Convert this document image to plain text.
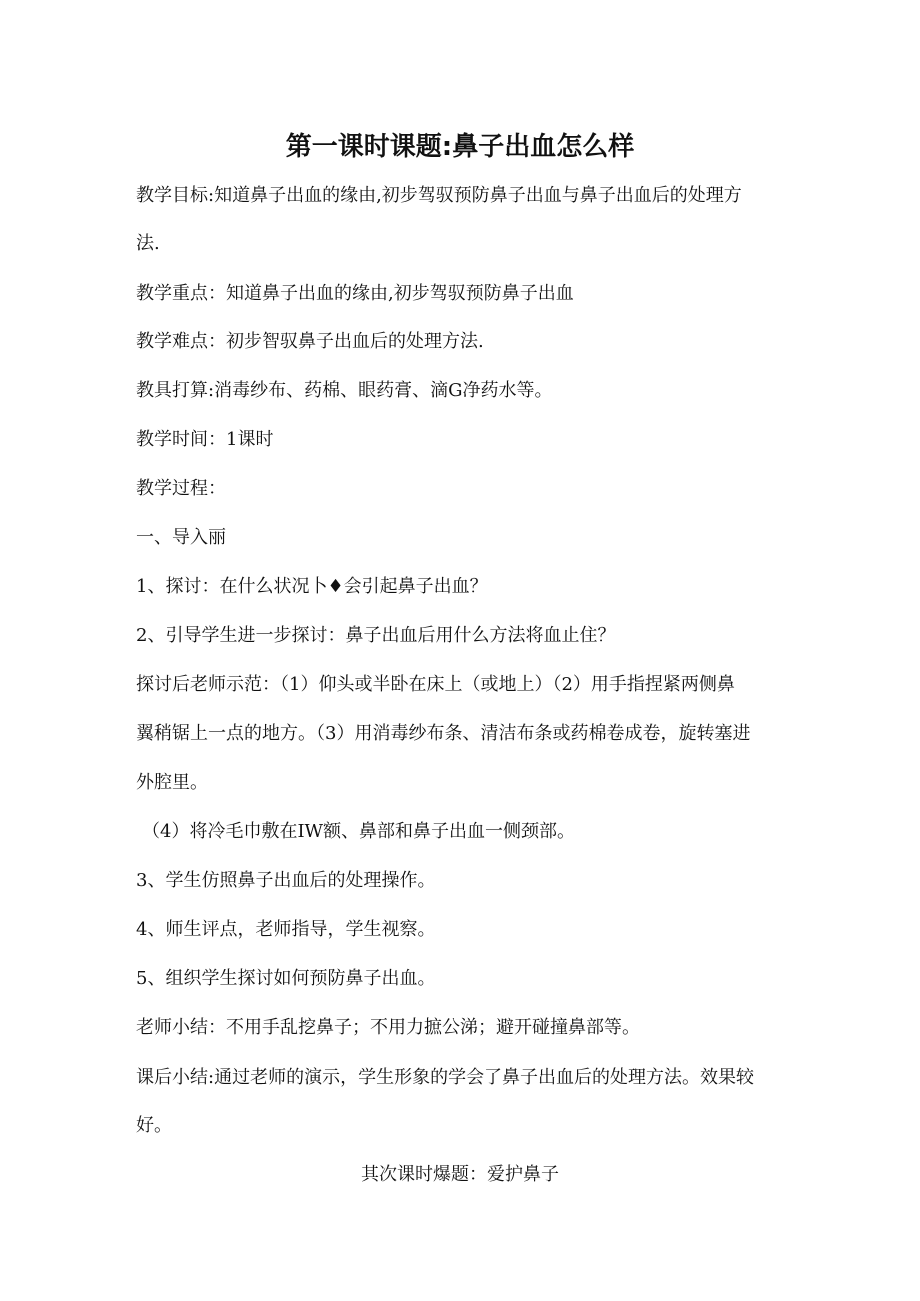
第一课时课题:鼻子出血怎么样
教学目标:知道鼻子出血的缘由,初步驾驭预防鼻子出血与鼻子出血后的处理方
法.
教学重点：知道鼻子出血的缘由,初步驾驭预防鼻子出血
教学难点：初步智驭鼻子出血后的处理方法.
教具打算:消毒纱布、药棉、眼药膏、滴G净药水等。
教学时间：1课时
教学过程：
一、导入丽
1、探讨：在什么状况卜♦会引起鼻子出血？
2、引导学生进一步探讨：鼻子出血后用什么方法将血止住？
探讨后老师示范：（1）仰头或半卧在床上（或地上）（2）用手指捏紧两侧鼻
翼稍锯上一点的地方。（3）用消毒纱布条、清洁布条或药棉卷成卷，旋转塞进
外腔里。
（4）将冷毛巾敷在IW额、鼻部和鼻子出血一侧颈部。
3、学生仿照鼻子出血后的处理操作。
4、师生评点，老师指导，学生视察。
5、组织学生探讨如何预防鼻子出血。
老师小结：不用手乱挖鼻子；不用力摭公涕；避开碰撞鼻部等。
课后小结:通过老师的演示，学生形象的学会了鼻子出血后的处理方法。效果较
好。
其次课时爆题：爱护鼻子
